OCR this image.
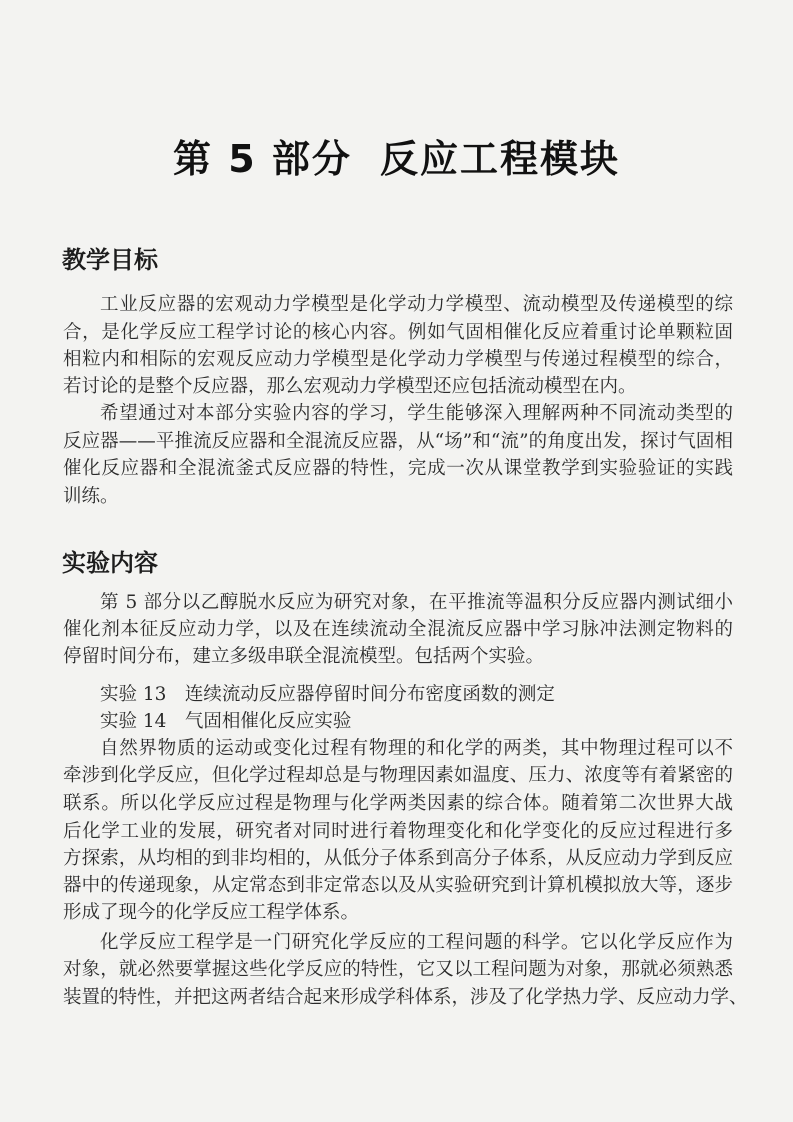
第 5 部分 反应工程模块
教学目标
工业反应器的宏观动力学模型是化学动力学模型、流动模型及传递模型的综
合，是化学反应工程学讨论的核心内容。例如气固相催化反应着重讨论单颗粒固
相粒内和相际的宏观反应动力学模型是化学动力学模型与传递过程模型的综合，
若讨论的是整个反应器，那么宏观动力学模型还应包括流动模型在内。
希望通过对本部分实验内容的学习，学生能够深入理解两种不同流动类型的
反应器——平推流反应器和全混流反应器，从“场”和“流”的角度出发，探讨气固相
催化反应器和全混流釜式反应器的特性，完成一次从课堂教学到实验验证的实践
训练。
实验内容
第 5 部分以乙醇脱水反应为研究对象，在平推流等温积分反应器内测试细小
催化剂本征反应动力学，以及在连续流动全混流反应器中学习脉冲法测定物料的
停留时间分布，建立多级串联全混流模型。包括两个实验。
实验 13　连续流动反应器停留时间分布密度函数的测定
实验 14　气固相催化反应实验
自然界物质的运动或变化过程有物理的和化学的两类，其中物理过程可以不
牵涉到化学反应，但化学过程却总是与物理因素如温度、压力、浓度等有着紧密的
联系。所以化学反应过程是物理与化学两类因素的综合体。随着第二次世界大战
后化学工业的发展，研究者对同时进行着物理变化和化学变化的反应过程进行多
方探索，从均相的到非均相的，从低分子体系到高分子体系，从反应动力学到反应
器中的传递现象，从定常态到非定常态以及从实验研究到计算机模拟放大等，逐步
形成了现今的化学反应工程学体系。
化学反应工程学是一门研究化学反应的工程问题的科学。它以化学反应作为
对象，就必然要掌握这些化学反应的特性，它又以工程问题为对象，那就必须熟悉
装置的特性，并把这两者结合起来形成学科体系，涉及了化学热力学、反应动力学、
